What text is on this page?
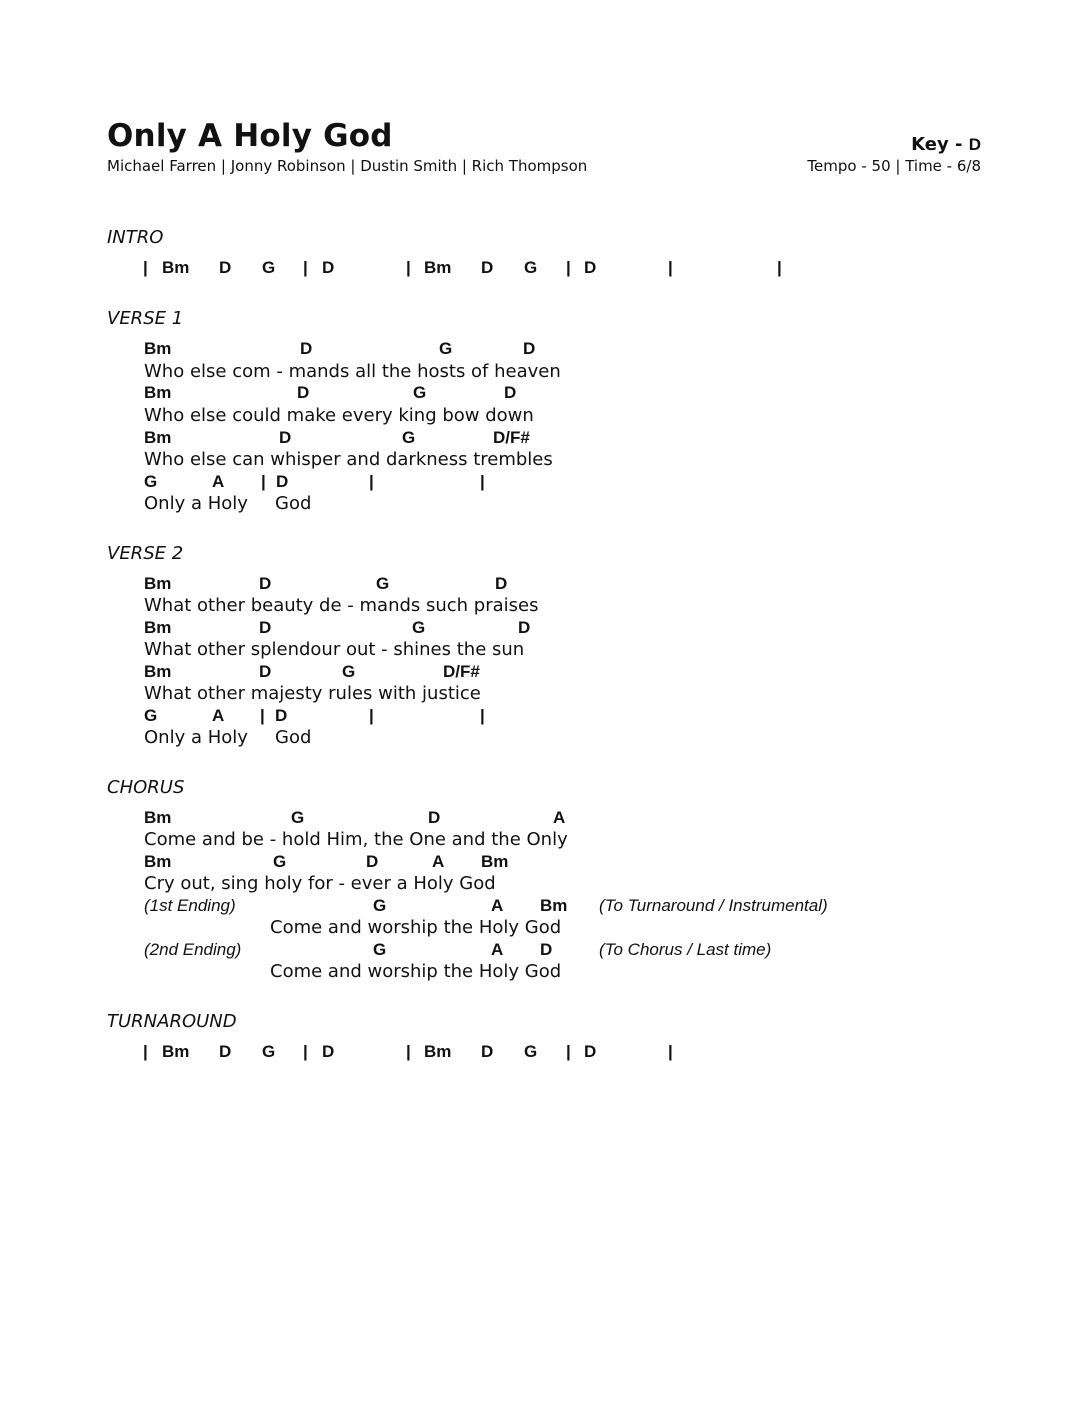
Only A Holy God
Michael Farren | Jonny Robinson | Dustin Smith | Rich Thompson
Key - D
Tempo - 50 | Time - 6/8
INTRO
| Bm D G | D	| Bm D G | D	|	|
VERSE 1
Bm	D	G	D
Who else com - mands all the hosts of heaven
Bm	D	G	D
Who else could make every king bow down
Bm	D	G	D/F#
Who else can whisper and darkness trembles
G	A | D	|	|
Only a Holy God
VERSE 2
Bm	D	G	D
What other beauty de - mands such praises
Bm	D	G	D
What other splendour out - shines the sun
Bm	D	G	D/F#
What other majesty rules with justice
G	A | D	|	|
Only a Holy God
CHORUS
Bm	G	D	A
Come and be - hold Him, the One and the Only
Bm	G	D	A Bm
Cry out, sing holy for - ever a Holy God
(1st Ending)	G	A Bm (To Turnaround / Instrumental)
Come and worship the Holy God
(2nd Ending)	G	A D	(To Chorus / Last time)
Come and worship the Holy God
TURNAROUND
| Bm D G | D	| Bm D G | D	|
